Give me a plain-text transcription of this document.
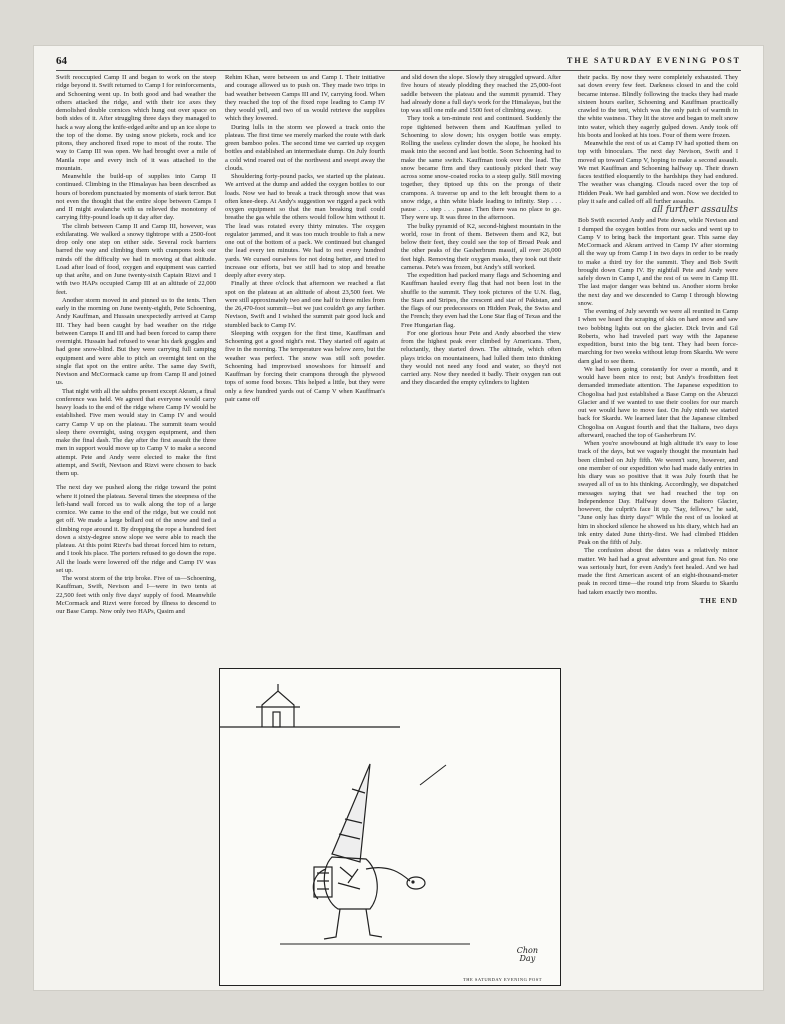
64	THE SATURDAY EVENING POST

Swift reoccupied Camp II and began to work on the steep ridge beyond it. Swift returned to Camp I for reinforcements, and Schoening went up. In both good and bad weather the others attacked the ridge, and with their ice axes they demolished double cornices which hung out over space on both sides of it. After struggling three days they managed to hack a way along the knife-edged arête and up an ice slope to the top of the dome. By using snow pickets, rock and ice pitons, they anchored fixed rope to most of the route. The way to Camp III was open. We had brought over a mile of Manila rope and every inch of it was attached to the mountain.

Meanwhile the build-up of supplies into Camp II continued. Climbing in the Himalayas has been described as hours of boredom punctuated by moments of stark terror. But not even the thought that the entire slope between Camps I and II might avalanche with us relieved the monotony of carrying fifty-pound loads up it day after day.

The climb between Camp II and Camp III, however, was exhilarating. We walked a snowy tightrope with a 2500-foot drop only one step on either side. Several rock barriers barred the way and climbing them with crampons took our minds off the difficulty we had in moving at that altitude. Load after load of food, oxygen and equipment was carried up that arête, and on June twenty-sixth Captain Rizvi and I with two HAPs occupied Camp III at an altitude of 22,000 feet.

Another storm moved in and pinned us to the tents. Then early in the morning on June twenty-eighth, Pete Schoening, Andy Kauffman, and Hussain unexpectedly arrived at Camp III. They had been caught by bad weather on the ridge between Camps II and III and had been forced to camp there overnight. Hussain had refused to wear his dark goggles and had gone snow-blind. But they were carrying full camping equipment and were able to pitch an overnight tent on the single flat spot on the entire arête. The same day Swift, Nevison and McCormack came up from Camp II and joined us.

That night with all the sahibs present except Akram, a final conference was held. We agreed that everyone would carry heavy loads to the end of the ridge where Camp IV would be established. Five men would stay in Camp IV and would carry Camp V up on the plateau. The summit team would sleep there overnight, using oxygen equipment, and then make the final dash. The day after the first assault the three men in support would move up to Camp V to make a second attempt. Pete and Andy were elected to make the first attempt, and Swift, Nevison and Rizvi were chosen to back them up.

The next day we pushed along the ridge toward the point where it joined the plateau. Several times the steepness of the left-hand wall forced us to walk along the top of a large cornice. We came to the end of the ridge, but we could not get off. We made a large bollard out of the snow and tied a climbing rope around it. By dropping the rope a hundred feet down a sixty-degree snow slope we were able to reach the plateau. At this point Rizvi's bad throat forced him to return, and I took his place. The porters refused to go down the rope. All the loads were lowered off the ridge and Camp IV was set up.

The worst storm of the trip broke. Five of us—Schoening, Kauffman, Swift, Nevison and I—were in two tents at 22,500 feet with only five days' supply of food. Meanwhile McCormack and Rizvi were forced by illness to descend to our Base Camp. Now only two HAPs, Qasim and

Rehim Khan, were between us and Camp I. Their initiative and courage allowed us to push on. They made two trips in bad weather between Camps III and IV, carrying food. When they reached the top of the fixed rope leading to Camp IV they would yell, and two of us would retrieve the supplies which they lowered.

During lulls in the storm we plowed a track onto the plateau. The first time we merely marked the route with dark green bamboo poles. The second time we carried up oxygen bottles and established an intermediate dump. On July fourth a cold wind roared out of the northwest and swept away the clouds.

Shouldering forty-pound packs, we started up the plateau. We arrived at the dump and added the oxygen bottles to our loads. Now we had to break a track through snow that was often knee-deep. At Andy's suggestion we rigged a pack with oxygen equipment so that the man breaking trail could breathe the gas while the others would follow him without it. The lead was rotated every thirty minutes. The oxygen regulator jammed, and it was too much trouble to fish a new one out of the bottom of a pack. We continued but changed the lead every ten minutes. We had to rest every hundred yards. We cursed ourselves for not doing better, and tried to increase our efforts, but we still had to stop and breathe deeply after every step.

Finally at three o'clock that afternoon we reached a flat spot on the plateau at an altitude of about 23,500 feet. We were still approximately two and one half to three miles from the 26,470-foot summit—but we just couldn't go any farther. Nevison, Swift and I wished the summit pair good luck and stumbled back to Camp IV.

Sleeping with oxygen for the first time, Kauffman and Schoening got a good night's rest. They started off again at five in the morning. The temperature was below zero, but the weather was perfect. The snow was still soft powder. Schoening had improvised snowshoes for himself and Kauffman by forcing their crampons through the plywood tops of some food boxes. This helped a little, but they were only a few hundred yards out of Camp V when Kauffman's pair came off

and slid down the slope. Slowly they struggled upward. After five hours of steady plodding they reached the 25,000-foot saddle between the plateau and the summit pyramid. They had already done a full day's work for the Himalayas, but the top was still one mile and 1500 feet of climbing away.

They took a ten-minute rest and continued. Suddenly the rope tightened between them and Kauffman yelled to Schoening to slow down; his oxygen bottle was empty. Rolling the useless cylinder down the slope, he hooked his mask into the second and last bottle. Soon Schoening had to make the same switch. Kauffman took over the lead. The snow became firm and they cautiously picked their way across some snow-coated rocks to a steep gully. Still moving together, they tiptoed up this on the prongs of their crampons. A traverse up and to the left brought them to a snow ridge, a thin white blade leading to infinity. Step . . . pause . . . step . . . pause. Then there was no place to go. They were up. It was three in the afternoon.

The bulky pyramid of K2, second-highest mountain in the world, rose in front of them. Between them and K2, but below their feet, they could see the top of Broad Peak and the other peaks of the Gasherbrum massif, all over 26,000 feet high. Removing their oxygen masks, they took out their cameras. Pete's was frozen, but Andy's still worked.

The expedition had packed many flags and Schoening and Kauffman hauled every flag that had not been lost in the shuffle to the summit. They took pictures of the U.N. flag, the Stars and Stripes, the crescent and star of Pakistan, and the flags of our predecessors on Hidden Peak, the Swiss and the French; they even had the Lone Star flag of Texas and the Free Hungarian flag.

For one glorious hour Pete and Andy absorbed the view from the highest peak ever climbed by Americans. Then, reluctantly, they started down. The altitude, which often plays tricks on mountaineers, had lulled them into thinking they would not need any food and water, so they'd not carried any. Now they needed it badly. Their oxygen ran out and they discarded the empty cylinders to lighten

their packs. By now they were completely exhausted. They sat down every few feet. Darkness closed in and the cold became intense. Blindly following the tracks they had made sixteen hours earlier, Schoening and Kauffman practically crawled to the tent, which was the only patch of warmth in the white vastness. They lit the stove and began to melt snow into water, which they eagerly gulped down. Andy took off his boots and looked at his toes. Four of them were frozen.

Meanwhile the rest of us at Camp IV had spotted them on top with binoculars. The next day Nevison, Swift and I moved up toward Camp V, hoping to make a second assault. We met Kauffman and Schoening halfway up. Their drawn faces testified eloquently to the hardships they had endured. The weather was changing. Clouds raced over the top of Hidden Peak. We had gambled and won. Now we decided to play it safe and called off all further assaults.

all further assaults

Bob Swift escorted Andy and Pete down, while Nevison and I dumped the oxygen bottles from our sacks and went up to Camp V to bring back the important gear. This same day McCormack and Akram arrived in Camp IV after storming all the way up from Camp I in two days in order to be ready to make a third try for the summit. They and Bob Swift brought down Camp IV. By nightfall Pete and Andy were safely down in Camp I, and the rest of us were in Camp III. The last major danger was behind us. Another storm broke the next day and we descended to Camp I through blowing snow.

The evening of July seventh we were all reunited in Camp I when we heard the scraping of skis on hard snow and saw two bobbing lights out on the glacier. Dick Irvin and Gil Roberts, who had traveled part way with the Japanese expedition, burst into the big tent. They had been force-marching for two weeks without letup from Skardu. We were darn glad to see them.

We had been going constantly for over a month, and it would have been nice to rest; but Andy's frostbitten feet demanded immediate attention. The Japanese expedition to Chogolisa had just established a Base Camp on the Abruzzi Glacier and if we wanted to use their coolies for our march out we would have to move fast. On July ninth we started back for Skardu. We learned later that the Japanese climbed Chogolisa on August fourth and that the Italians, two days afterward, reached the top of Gasherbrum IV.

When you're snowbound at high altitude it's easy to lose track of the days, but we vaguely thought the mountain had been climbed on July fifth. We weren't sure, however, and one member of our expedition who had made daily entries in his diary was so positive that it was July fourth that he swayed all of us to his thinking. Accordingly, we dispatched messages saying that we had reached the top on Independence Day. Halfway down the Baltoro Glacier, however, the culprit's face lit up. "Say, fellows," he said, "June only has thirty days!" While the rest of us looked at him in shocked silence he showed us his diary, which had an ink entry dated June thirty-first. We had climbed Hidden Peak on the fifth of July.

The confusion about the dates was a relatively minor matter. We had had a great adventure and great fun. No one was seriously hurt, for even Andy's feet healed. And we had made the first American ascent of an eight-thousand-meter peak in record time—the round trip from Skardu to Skardu had taken exactly two months.

THE END

Chon
Day
THE SATURDAY EVENING POST
